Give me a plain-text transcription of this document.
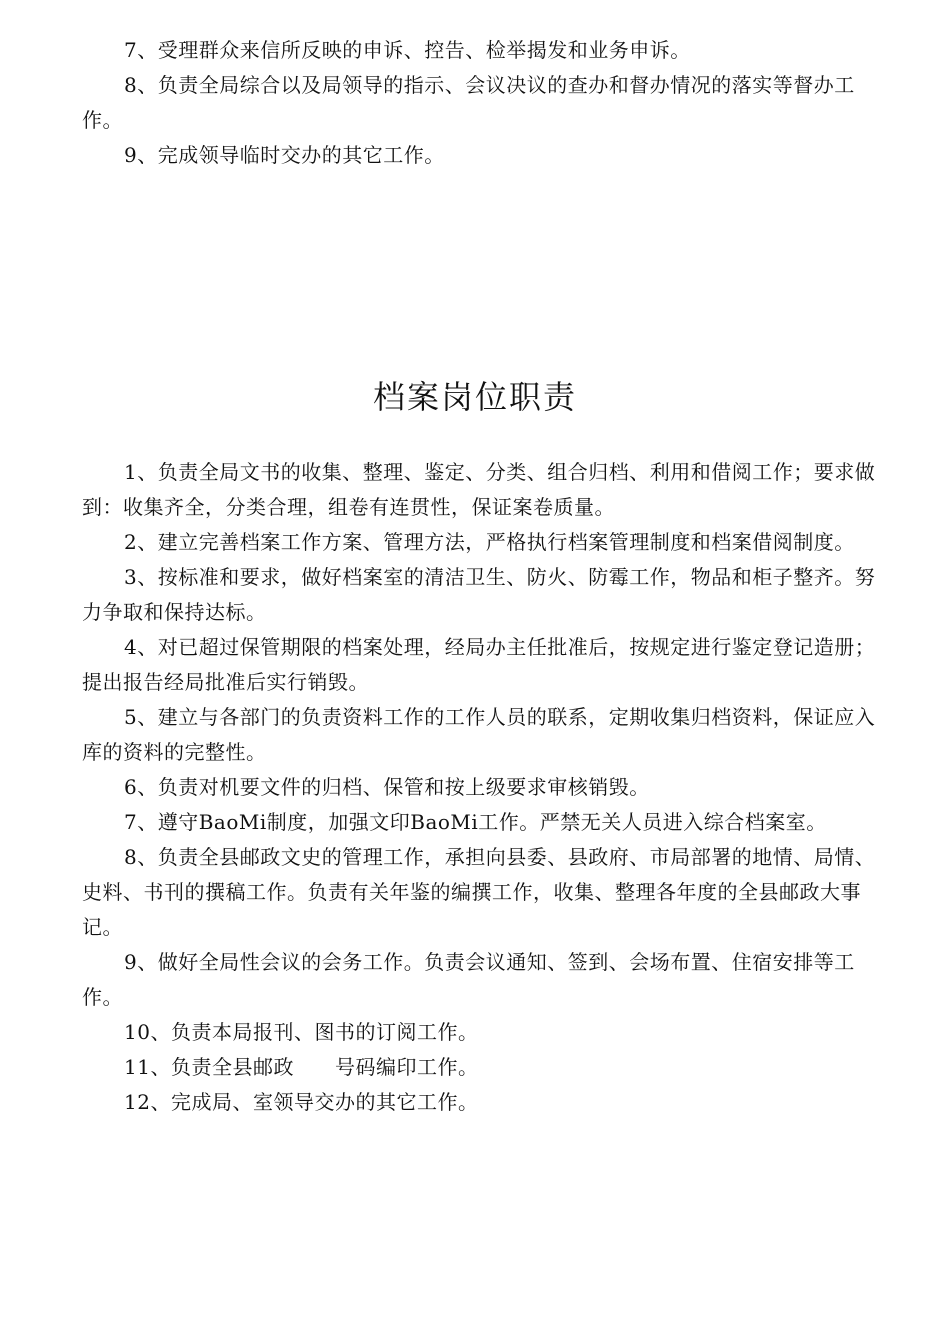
7、受理群众来信所反映的申诉、控告、检举揭发和业务申诉。

8、负责全局综合以及局领导的指示、会议决议的查办和督办情况的落实等督办工作。

9、完成领导临时交办的其它工作。

档案岗位职责

1、负责全局文书的收集、整理、鉴定、分类、组合归档、利用和借阅工作；要求做到：收集齐全，分类合理，组卷有连贯性，保证案卷质量。

2、建立完善档案工作方案、管理方法，严格执行档案管理制度和档案借阅制度。

3、按标准和要求，做好档案室的清洁卫生、防火、防霉工作，物品和柜子整齐。努力争取和保持达标。

4、对已超过保管期限的档案处理，经局办主任批准后，按规定进行鉴定登记造册；提出报告经局批准后实行销毁。

5、建立与各部门的负责资料工作的工作人员的联系，定期收集归档资料，保证应入库的资料的完整性。

6、负责对机要文件的归档、保管和按上级要求审核销毁。

7、遵守BaoMi制度，加强文印BaoMi工作。严禁无关人员进入综合档案室。

8、负责全县邮政文史的管理工作，承担向县委、县政府、市局部署的地情、局情、史料、书刊的撰稿工作。负责有关年鉴的编撰工作，收集、整理各年度的全县邮政大事记。

9、做好全局性会议的会务工作。负责会议通知、签到、会场布置、住宿安排等工作。

10、负责本局报刊、图书的订阅工作。

11、负责全县邮政　　号码编印工作。

12、完成局、室领导交办的其它工作。
